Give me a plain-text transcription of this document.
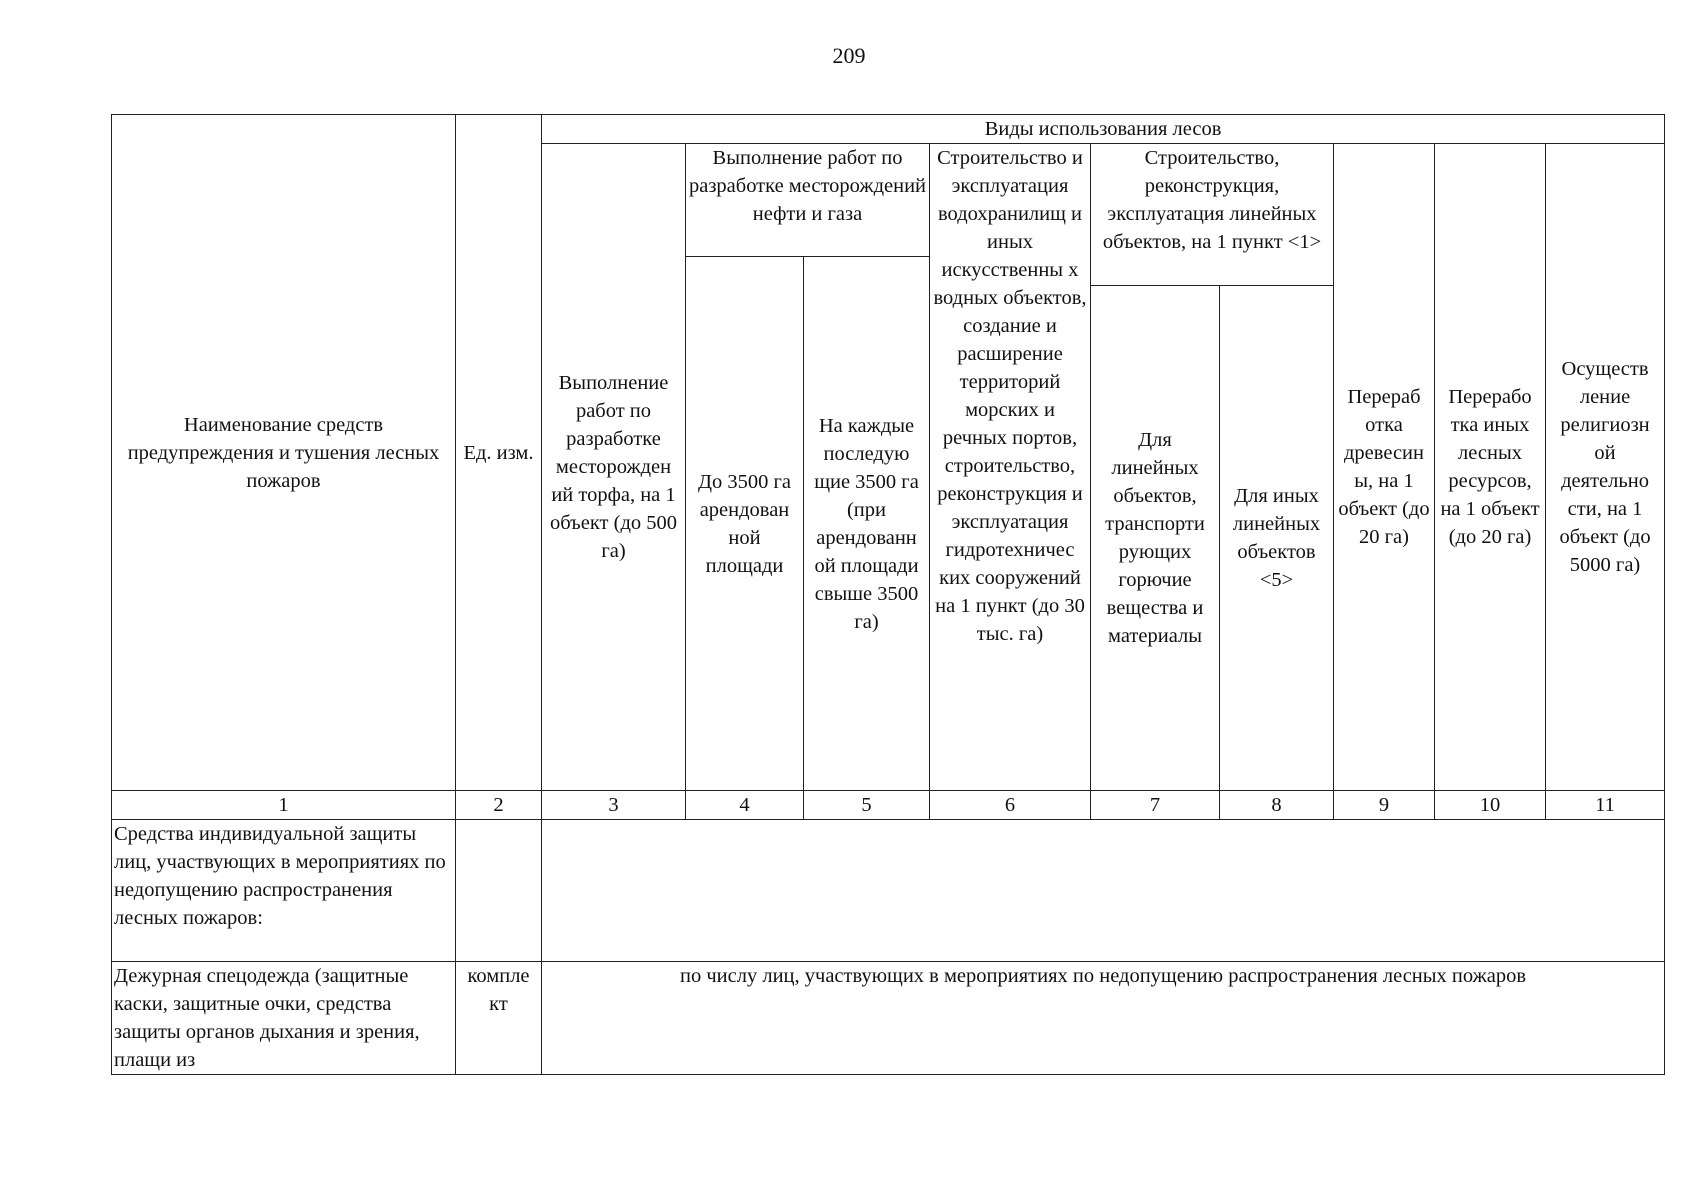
209
Наименование средств предупреждения и тушения лесных пожаров	Ед. изм.	Виды использования лесов								
		Выполнение работ по разработке месторожден ий торфа, на 1 объект (до 500 га)	Выполнение работ по разработке месторождений нефти и газа		Строительство и эксплуатация водохранилищ и иных искусственны х водных объектов, создание и расширение территорий морских и речных портов, строительство, реконструкция и эксплуатация гидротехничес ких сооружений на 1 пункт (до 30 тыс. га)	Строительство, реконструкция, эксплуатация линейных объектов, на 1 пункт <1>		Перераб отка древесин ы, на 1 объект (до 20 га)	Перерабо тка иных лесных ресурсов, на 1 объект (до 20 га)	Осуществ ление религиозн ой деятельно сти, на 1 объект (до 5000 га)
			До 3500 га арендован ной площади	На каждые последую щие 3500 га (при арендованн ой площади свыше 3500 га)						
						Для линейных объектов, транспорти рующих горючие вещества и материалы	Для иных линейных объектов <5>			
1	2	3	4	5	6	7	8	9	10	11
Средства индивидуальной защиты лиц, участвующих в мероприятиях по недопущению распространения лесных пожаров:										
Дежурная спецодежда (защитные каски, защитные очки, средства защиты органов дыхания и зрения, плащи из	компле кт	по числу лиц, участвующих в мероприятиях по недопущению распространения лесных пожаров								
